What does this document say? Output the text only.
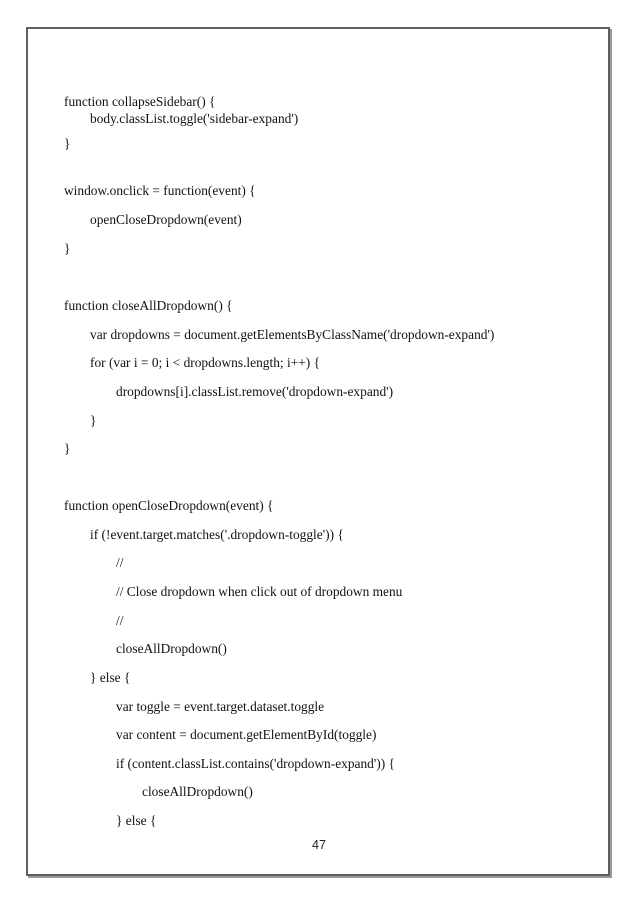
function collapseSidebar() {

body.classList.toggle('sidebar-expand')

}

window.onclick = function(event) {

openCloseDropdown(event)

}

function closeAllDropdown() {

var dropdowns = document.getElementsByClassName('dropdown-expand')

for (var i = 0; i < dropdowns.length; i++) {

dropdowns[i].classList.remove('dropdown-expand')

}

}

function openCloseDropdown(event) {

if (!event.target.matches('.dropdown-toggle')) {

//

// Close dropdown when click out of dropdown menu

//

closeAllDropdown()

} else {

var toggle = event.target.dataset.toggle

var content = document.getElementById(toggle)

if (content.classList.contains('dropdown-expand')) {

closeAllDropdown()

} else {

47
